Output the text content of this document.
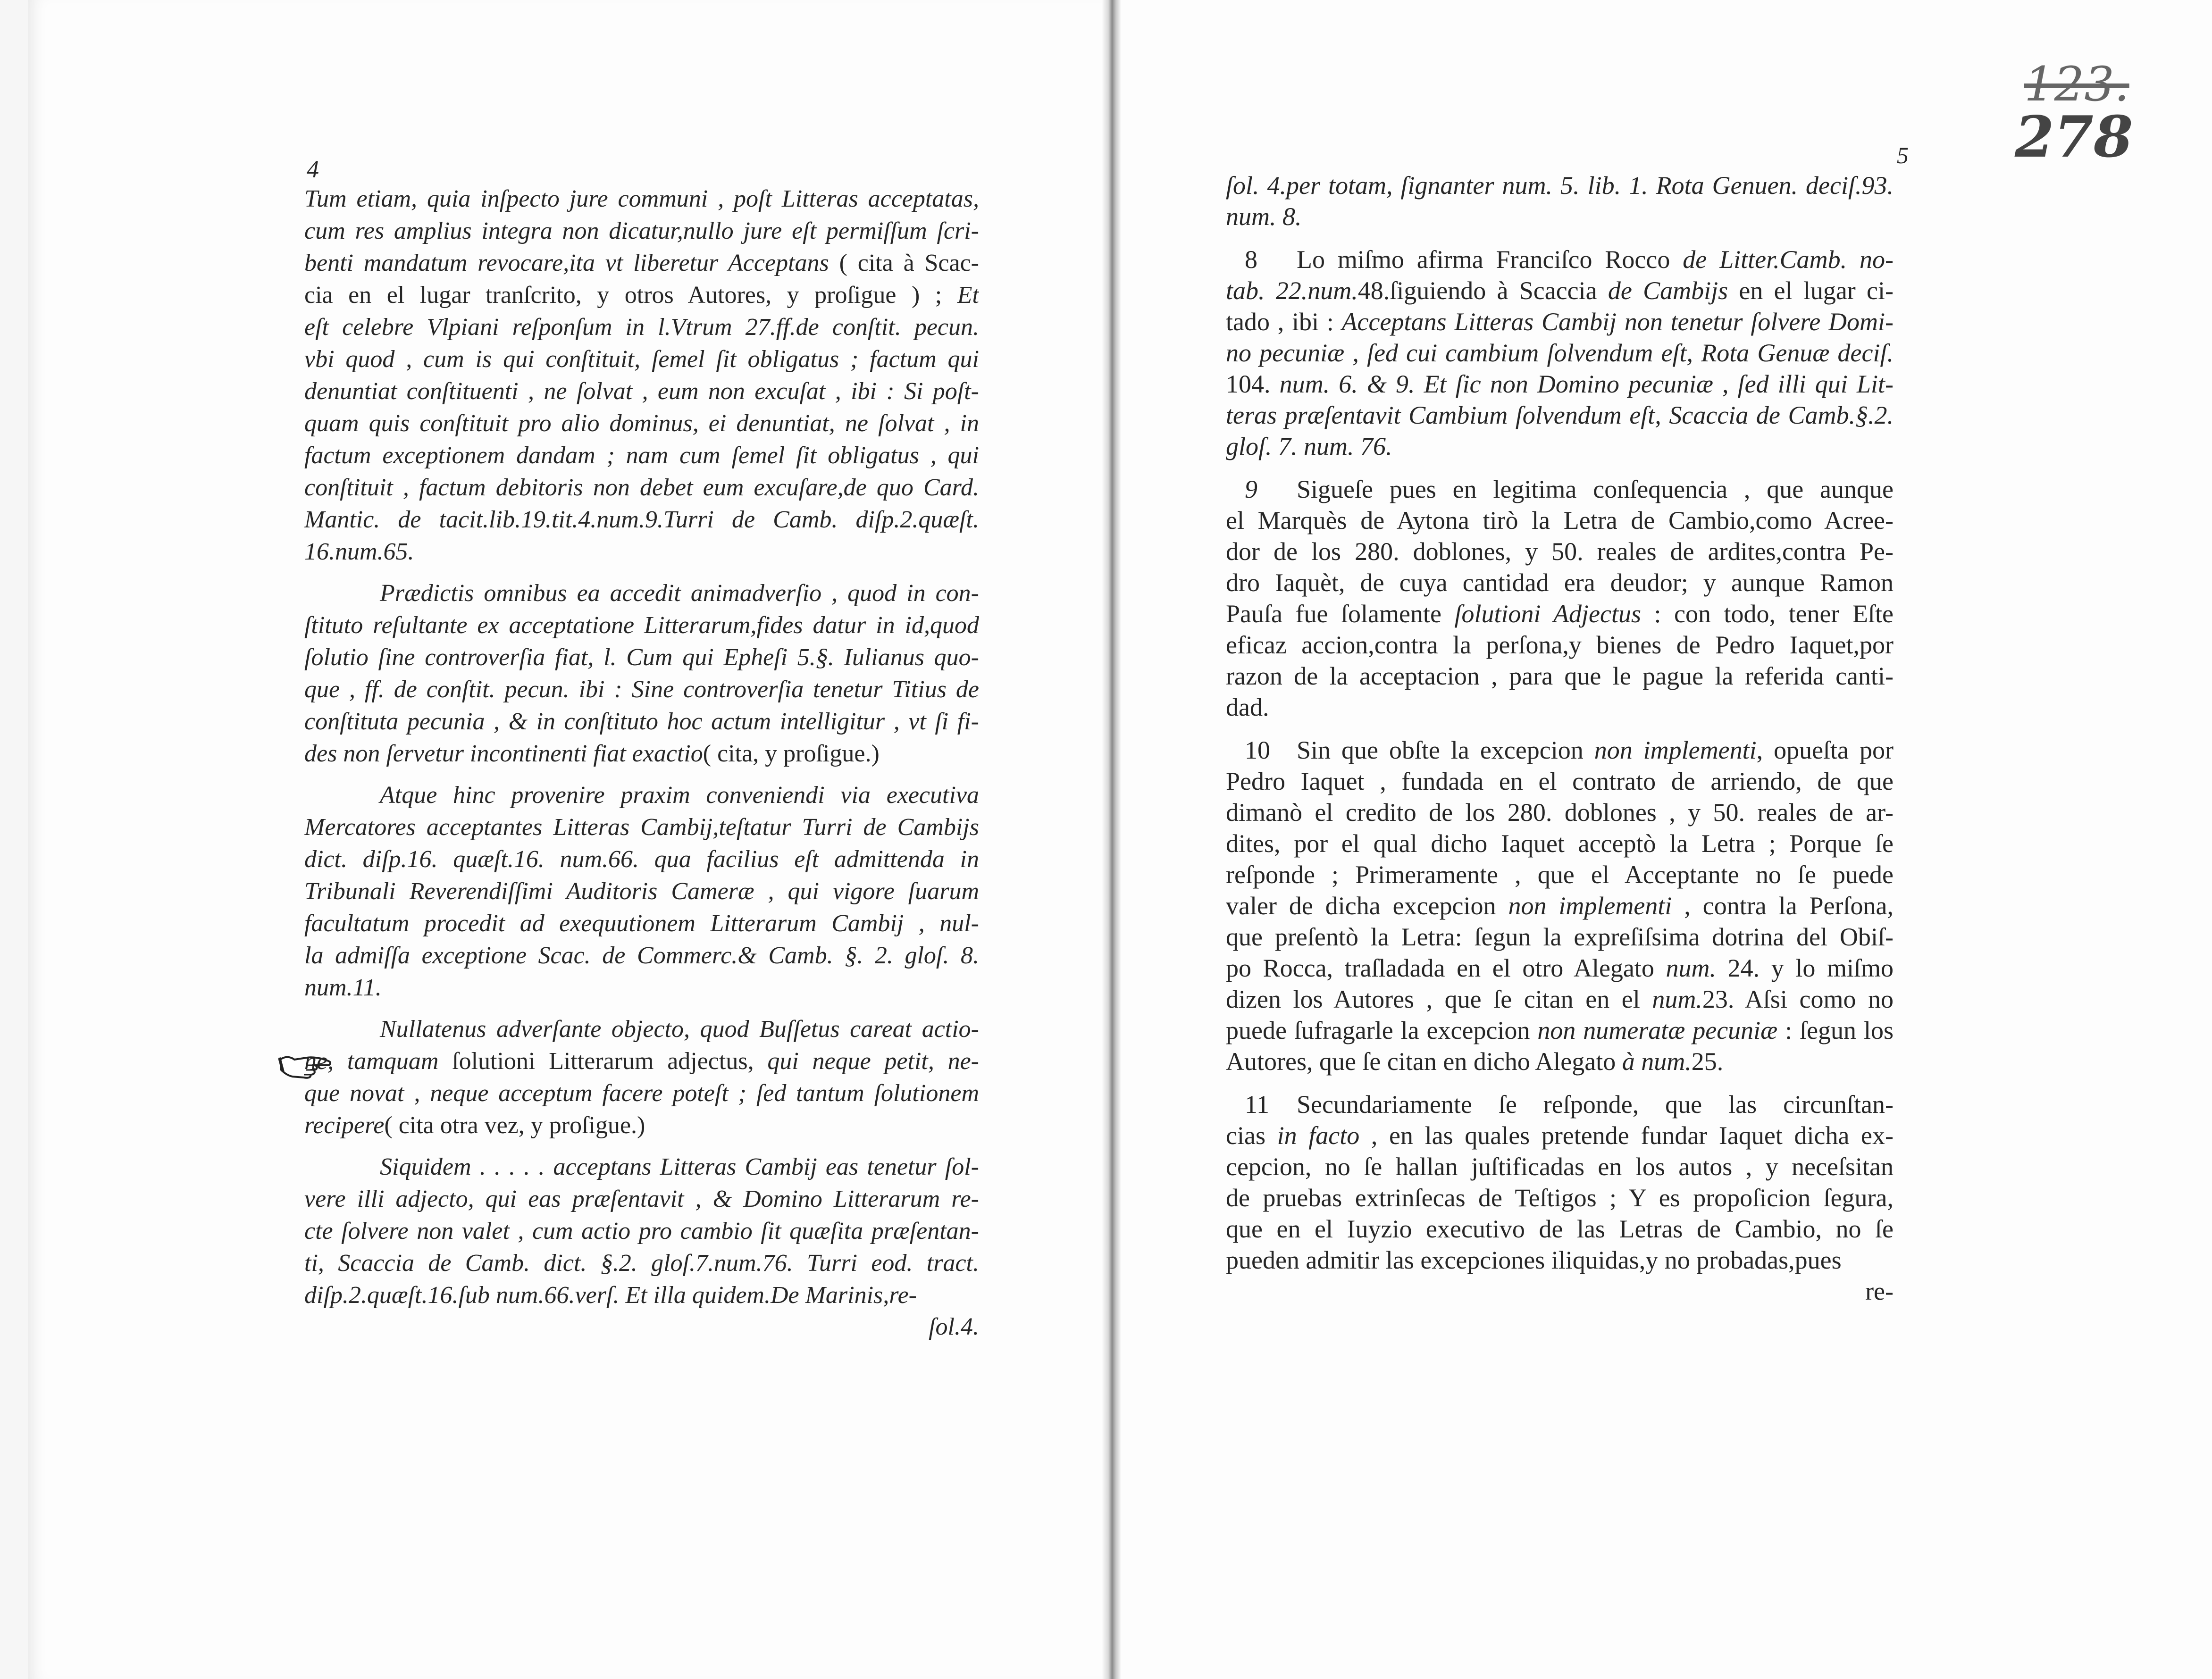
4
5
123.
278
Tum etiam, quia inſpecto jure communi , poſt Litteras acceptatas,
cum res amplius integra non dicatur,nullo jure eſt permiſſum ſcri-
benti mandatum revocare,ita vt liberetur Acceptans ( cita à Scac-
cia en el lugar tranſcrito, y otros Autores, y proſigue ) ; Et
eſt celebre Vlpiani reſponſum in l.Vtrum 27.ff.de conſtit. pecun.
vbi quod , cum is qui conſtituit, ſemel ſit obligatus ; factum qui
denuntiat conſtituenti , ne ſolvat , eum non excuſat , ibi : Si poſt-
quam quis conſtituit pro alio dominus, ei denuntiat, ne ſolvat , in
factum exceptionem dandam ; nam cum ſemel ſit obligatus , qui
conſtituit , factum debitoris non debet eum excuſare,de quo Card.
Mantic. de tacit.lib.19.tit.4.num.9.Turri de Camb. diſp.2.quæſt.
16.num.65.
Prædictis omnibus ea accedit animadverſio , quod in con-
ſtituto reſultante ex acceptatione Litterarum,fides datur in id,quod
ſolutio ſine controverſia fiat, l. Cum qui Epheſi 5.§. Iulianus quo-
que , ff. de conſtit. pecun. ibi : Sine controverſia tenetur Titius de
conſtituta pecunia , & in conſtituto hoc actum intelligitur , vt ſi fi-
des non ſervetur incontinenti fiat exactio( cita, y proſigue.)
Atque hinc provenire praxim conveniendi via executiva
Mercatores acceptantes Litteras Cambij,teſtatur Turri de Cambijs
dict. diſp.16. quæſt.16. num.66. qua facilius eſt admittenda in
Tribunali Reverendiſſimi Auditoris Cameræ , qui vigore ſuarum
facultatum procedit ad exequutionem Litterarum Cambij , nul-
la admiſſa exceptione Scac. de Commerc.& Camb. §. 2. gloſ. 8.
num.11.
Nullatenus adverſante objecto, quod Buſſetus careat actio-
ne, tamquam ſolutioni Litterarum adjectus, qui neque petit, ne-
que novat , neque acceptum facere poteſt ; ſed tantum ſolutionem
recipere( cita otra vez, y proſigue.)
Siquidem . . . . . acceptans Litteras Cambij eas tenetur ſol-
vere illi adjecto, qui eas præſentavit , & Domino Litterarum re-
cte ſolvere non valet , cum actio pro cambio ſit quæſita præſentan-
ti, Scaccia de Camb. dict. §.2. gloſ.7.num.76. Turri eod. tract.
diſp.2.quæſt.16.ſub num.66.verſ. Et illa quidem.De Marinis,re-
ſol.4.
ſol. 4.per totam, ſignanter num. 5. lib. 1. Rota Genuen. deciſ.93.
num. 8.
8 Lo miſmo afirma Franciſco Rocco de Litter.Camb. no-
tab. 22.num.48.ſiguiendo à Scaccia de Cambijs en el lugar ci-
tado , ibi : Acceptans Litteras Cambij non tenetur ſolvere Domi-
no pecuniæ , ſed cui cambium ſolvendum eſt, Rota Genuæ deciſ.
104. num. 6. & 9. Et ſic non Domino pecuniæ , ſed illi qui Lit-
teras præſentavit Cambium ſolvendum eſt, Scaccia de Camb.§.2.
gloſ. 7. num. 76.
9 Siguеſe pues en legitima conſequencia , que aunque
el Marquès de Aytona tirò la Letra de Cambio,como Acree-
dor de los 280. doblones, y 50. reales de ardites,contra Pe-
dro Iaquèt, de cuya cantidad era deudor; y aunque Ramon
Pauſa fue ſolamente ſolutioni Adjectus : con todo, tener Eſte
eficaz accion,contra la perſona,y bienes de Pedro Iaquet,por
razon de la acceptacion , para que le pague la referida canti-
dad.
10 Sin que obſte la excepcion non implementi, opueſta por
Pedro Iaquet , fundada en el contrato de arriendo, de que
dimanò el credito de los 280. doblones , y 50. reales de ar-
dites, por el qual dicho Iaquet acceptò la Letra ; Porque ſe
reſponde ; Primeramente , que el Acceptante no ſe puede
valer de dicha excepcion non implementi , contra la Perſona,
que preſentò la Letra: ſegun la expreſiſsima dotrina del Obiſ-
po Rocca, traſladada en el otro Alegato num. 24. y lo miſmo
dizen los Autores , que ſe citan en el num.23. Aſsi como no
puede ſufragarle la excepcion non numeratæ pecuniæ : ſegun los
Autores, que ſe citan en dicho Alegato à num.25.
11 Secundariamente ſe reſponde, que las circunſtan-
cias in facto , en las quales pretende fundar Iaquet dicha ex-
cepcion, no ſe hallan juſtificadas en los autos , y neceſsitan
de pruebas extrinſecas de Teſtigos ; Y es propoſicion ſegura,
que en el Iuyzio executivo de las Letras de Cambio, no ſe
pueden admitir las excepciones iliquidas,y no probadas,pues
re-
